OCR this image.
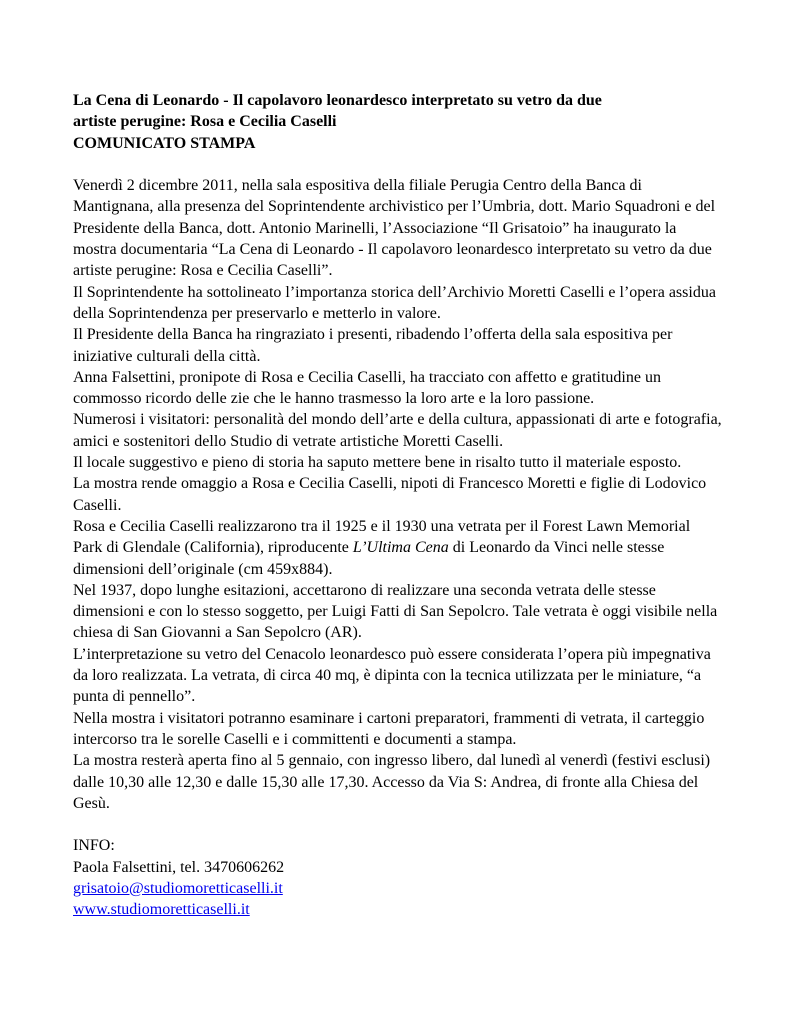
La Cena di Leonardo - Il capolavoro leonardesco interpretato su vetro da due
artiste perugine: Rosa e Cecilia Caselli
COMUNICATO STAMPA
Venerdì 2 dicembre 2011, nella sala espositiva della filiale Perugia Centro della Banca di Mantignana, alla presenza del Soprintendente archivistico per l’Umbria, dott. Mario Squadroni e del Presidente della Banca, dott. Antonio Marinelli, l’Associazione “Il Grisatoio” ha inaugurato la mostra documentaria “La Cena di Leonardo - Il capolavoro leonardesco interpretato su vetro da due artiste perugine: Rosa e Cecilia Caselli”.
Il Soprintendente ha sottolineato l’importanza storica dell’Archivio Moretti Caselli e l’opera assidua della Soprintendenza per preservarlo e metterlo in valore.
Il Presidente della Banca ha ringraziato i presenti, ribadendo l’offerta della sala espositiva per iniziative culturali della città.
Anna Falsettini, pronipote di Rosa e Cecilia Caselli, ha tracciato con affetto e gratitudine un commosso ricordo delle zie che le hanno trasmesso la loro arte e la loro passione.
Numerosi i visitatori: personalità del mondo dell’arte e della cultura, appassionati di arte e fotografia, amici e sostenitori dello Studio di vetrate artistiche Moretti Caselli.
Il locale suggestivo e pieno di storia ha saputo mettere bene in risalto tutto il materiale esposto.
La mostra rende omaggio a Rosa e Cecilia Caselli, nipoti di Francesco Moretti e figlie di Lodovico Caselli.
Rosa e Cecilia Caselli realizzarono tra il 1925 e il 1930 una vetrata per il Forest Lawn Memorial Park di Glendale (California), riproducente L’Ultima Cena di Leonardo da Vinci nelle stesse dimensioni dell’originale (cm 459x884).
Nel 1937, dopo lunghe esitazioni, accettarono di realizzare una seconda vetrata delle stesse dimensioni e con lo stesso soggetto, per Luigi Fatti di San Sepolcro. Tale vetrata è oggi visibile nella chiesa di San Giovanni a San Sepolcro (AR).
L’interpretazione su vetro del Cenacolo leonardesco può essere considerata l’opera più impegnativa da loro realizzata. La vetrata, di circa 40 mq, è dipinta con la tecnica utilizzata per le miniature, “a punta di pennello”.
Nella mostra i visitatori potranno esaminare i cartoni preparatori, frammenti di vetrata, il carteggio intercorso tra le sorelle Caselli e i committenti e documenti a stampa.
La mostra resterà aperta fino al 5 gennaio, con ingresso libero, dal lunedì al venerdì (festivi esclusi) dalle 10,30 alle 12,30 e dalle 15,30 alle 17,30. Accesso da Via S: Andrea, di fronte alla Chiesa del Gesù.
INFO:
Paola Falsettini, tel. 3470606262
grisatoio@studiomoretticaselli.it
www.studiomoretticaselli.it
